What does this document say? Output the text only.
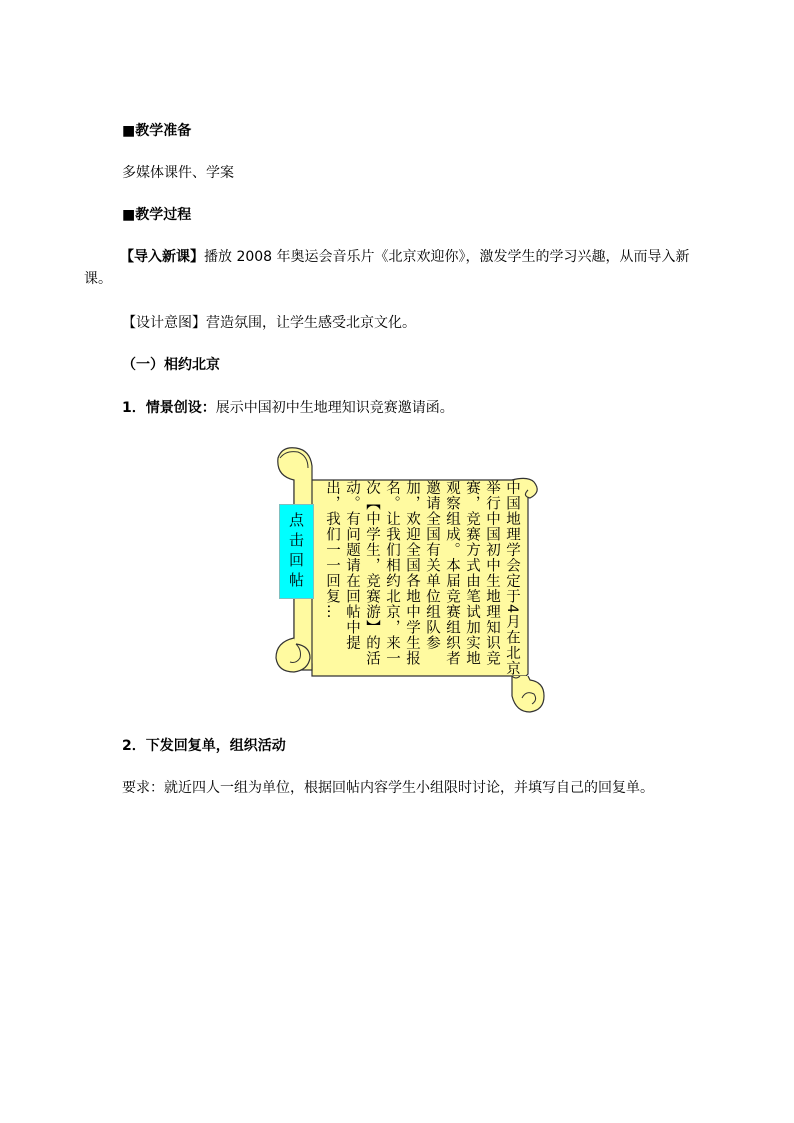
■教学准备
多媒体课件、学案
■教学过程
【导入新课】播放 2008 年奥运会音乐片《北京欢迎你》，激发学生的学习兴趣，从而导入新课。
【设计意图】营造氛围，让学生感受北京文化。
（一）相约北京
1．情景创设：展示中国初中生地理知识竞赛邀请函。
中国地理学会定于4月在北京举行中国初中生地理知识竞赛，竞赛方式由笔试加实地观察组成。本届竞赛组织者邀请全国有关单位组队参加，欢迎全国各地中学生报名。让我们相约北京，来一次【中学生，竞赛游】的活动。有问题请在回帖中提出，我们一一回复…
点击回帖
2．下发回复单，组织活动
要求：就近四人一组为单位，根据回帖内容学生小组限时讨论，并填写自己的回复单。
